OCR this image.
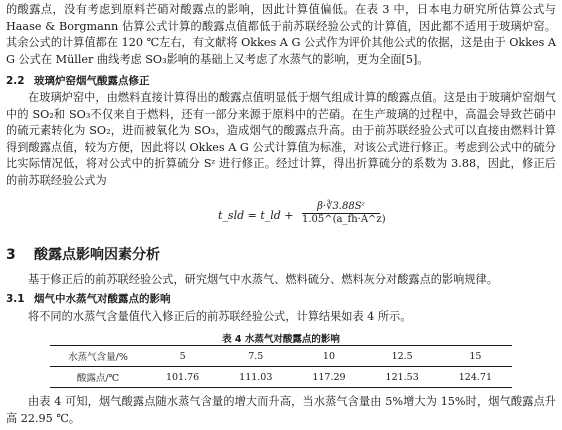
的酸露点，没有考虑到原料芒硝对酸露点的影响，因此计算值偏低。在表 3 中，日本电力研究所估算公式与 Haase & Borgmann 估算公式计算的酸露点值都低于前苏联经验公式的计算值，因此都不适用于玻璃炉窑。其余公式的计算值都在 120 ℃左右，有文献将 Okkes A G 公式作为评价其他公式的依据，这是由于 Okkes A G 公式在 Müller 曲线考虑 SO₃影响的基础上又考虑了水蒸气的影响，更为全面[5]。

2.2 玻璃炉窑烟气酸露点修正

在玻璃炉窑中，由燃料直接计算得出的酸露点值明显低于烟气组成计算的酸露点值。这是由于玻璃炉窑烟气中的 SO₂和 SO₃不仅来自于燃料，还有一部分来源于原料中的芒硝。在生产玻璃的过程中，高温会导致芒硝中的硫元素转化为 SO₂，进而被氧化为 SO₃，造成烟气的酸露点升高。由于前苏联经验公式可以直接由燃料计算得到酸露点值，较为方便，因此将以 Okkes A G 公式计算值为标准，对该公式进行修正。考虑到公式中的硫分比实际情况低，将对公式中的折算硫分 Sᶻ 进行修正。经过计算，得出折算硫分的系数为 3.88，因此，修正后的前苏联经验公式为

t_sld = t_ld + $\frac{\text{β·∛3.88Sᶻ}}{1.05\^{}(a\_fh\cdot A\^{}z)}$
3 酸露点影响因素分析

基于修正后的前苏联经验公式，研究烟气中水蒸气、燃料硫分、燃料灰分对酸露点的影响规律。

3.1 烟气中水蒸气对酸露点的影响

将不同的水蒸气含量值代入修正后的前苏联经验公式，计算结果如表 4 所示。

表 4 水蒸气对酸露点的影响
水蒸气含量/%	5	7.5	10	12.5	15
酸露点/℃	101.76	111.03	117.29	121.53	124.71

由表 4 可知，烟气酸露点随水蒸气含量的增大而升高，当水蒸气含量由 5%增大为 15%时，烟气酸露点升高 22.95 ℃。
